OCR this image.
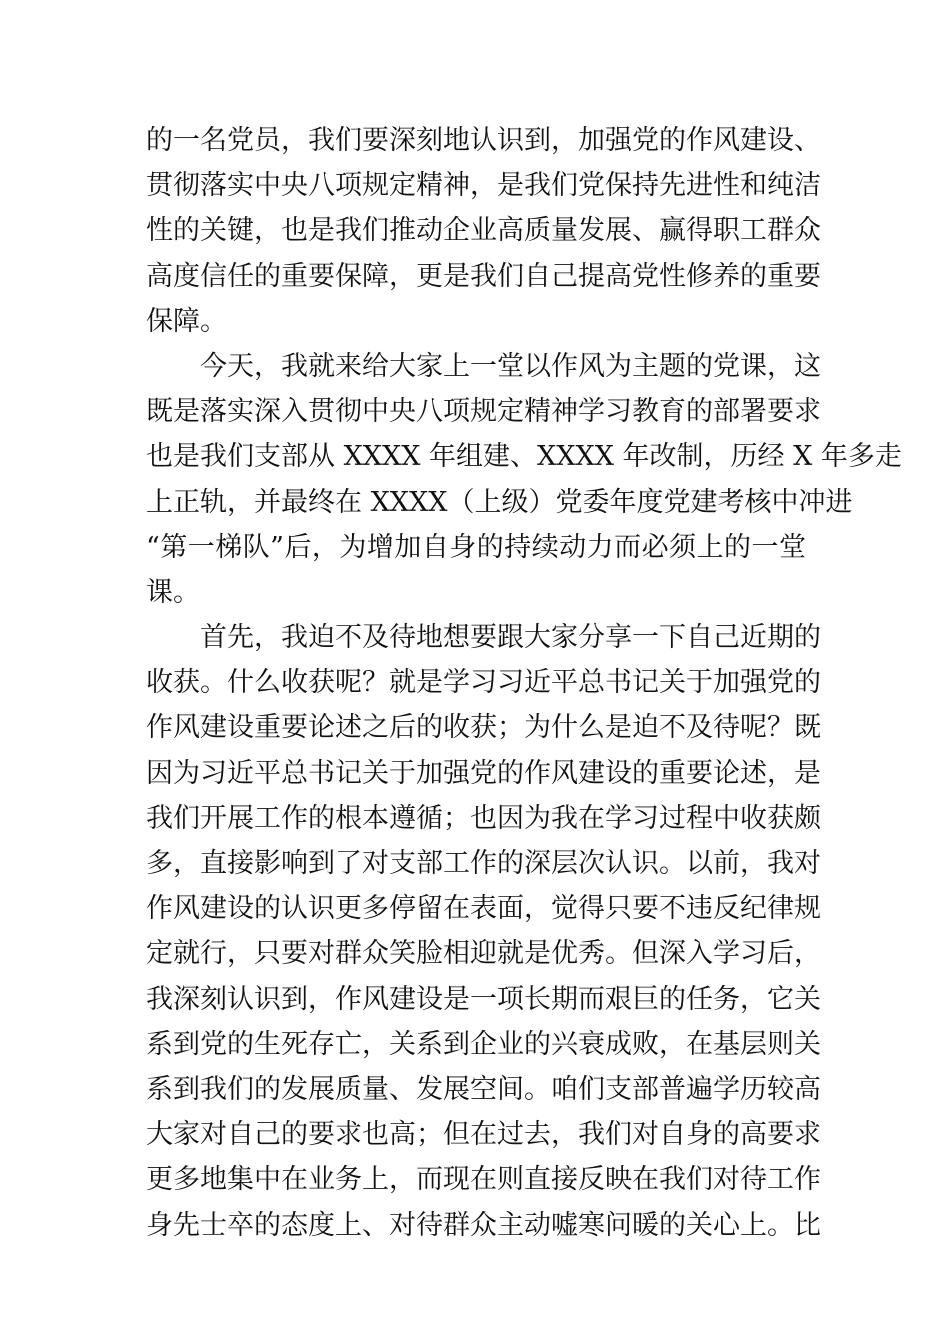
的一名党员，我们要深刻地认识到，加强党的作风建设、
贯彻落实中央八项规定精神，是我们党保持先进性和纯洁
性的关键，也是我们推动企业高质量发展、赢得职工群众
高度信任的重要保障，更是我们自己提高党性修养的重要
保障。
今天，我就来给大家上一堂以作风为主题的党课，这
既是落实深入贯彻中央八项规定精神学习教育的部署要求
也是我们支部从 XXXX 年组建、XXXX 年改制，历经 X 年多走
上正轨，并最终在 XXXX（上级）党委年度党建考核中冲进
“第一梯队”后，为增加自身的持续动力而必须上的一堂
课。
首先，我迫不及待地想要跟大家分享一下自己近期的
收获。什么收获呢？就是学习习近平总书记关于加强党的
作风建设重要论述之后的收获；为什么是迫不及待呢？既
因为习近平总书记关于加强党的作风建设的重要论述，是
我们开展工作的根本遵循；也因为我在学习过程中收获颇
多，直接影响到了对支部工作的深层次认识。以前，我对
作风建设的认识更多停留在表面，觉得只要不违反纪律规
定就行，只要对群众笑脸相迎就是优秀。但深入学习后，
我深刻认识到，作风建设是一项长期而艰巨的任务，它关
系到党的生死存亡，关系到企业的兴衰成败，在基层则关
系到我们的发展质量、发展空间。咱们支部普遍学历较高
大家对自己的要求也高；但在过去，我们对自身的高要求
更多地集中在业务上，而现在则直接反映在我们对待工作
身先士卒的态度上、对待群众主动嘘寒问暖的关心上。比
